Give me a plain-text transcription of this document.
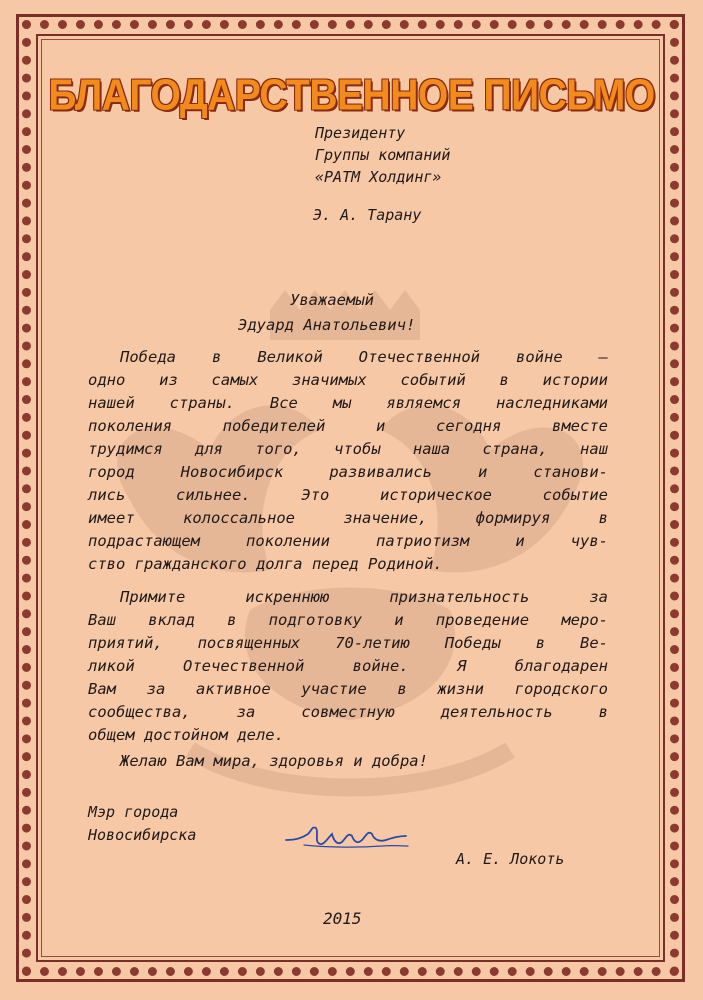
БЛАГОДАРСТВЕННОЕ ПИСЬМО
Президенту
Группы компаний
«РАТМ Холдинг»
Э. А. Тарану
Уважаемый
Эдуард Анатольевич!
Победа в Великой Отечественной войне –
одно из самых значимых событий в истории
нашей страны. Все мы являемся наследниками
поколения победителей и сегодня вместе
трудимся для того, чтобы наша страна, наш
город Новосибирск развивались и станови-
лись сильнее. Это историческое событие
имеет колоссальное значение, формируя в
подрастающем поколении патриотизм и чув-
ство гражданского долга перед Родиной.
Примите искреннюю признательность за
Ваш вклад в подготовку и проведение меро-
приятий, посвященных 70-летию Победы в Ве-
ликой Отечественной войне. Я благодарен
Вам за активное участие в жизни городского
сообщества, за совместную деятельность в
общем достойном деле.
Желаю Вам мира, здоровья и добра!
Мэр города
Новосибирска
А. Е. Локоть
2015
